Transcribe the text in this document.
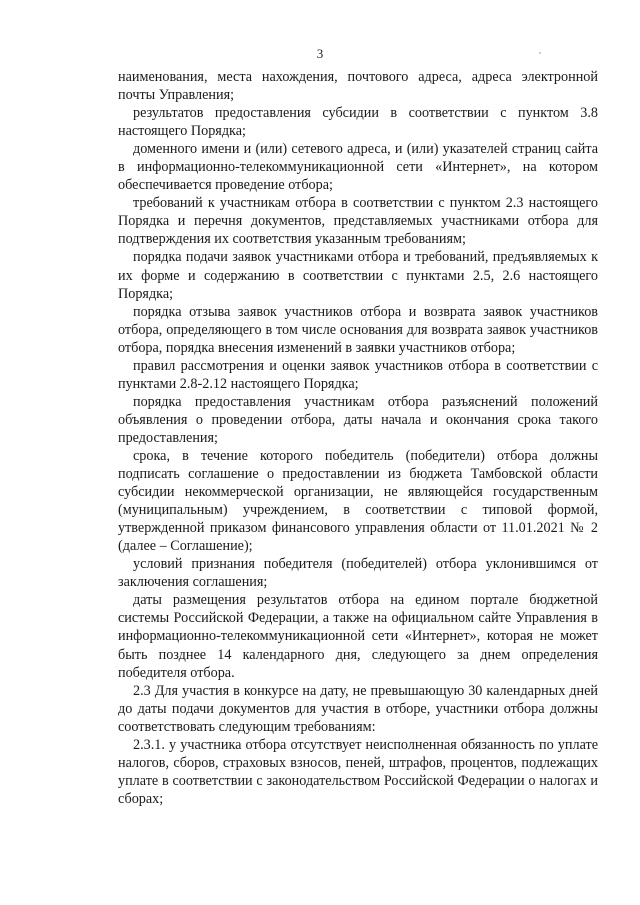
3

наименования, места нахождения, почтового адреса, адреса электронной почты Управления;

результатов предоставления субсидии в соответствии с пунктом 3.8 настоящего Порядка;

доменного имени и (или) сетевого адреса, и (или) указателей страниц сайта в информационно-телекоммуникационной сети «Интернет», на котором обеспечивается проведение отбора;

требований к участникам отбора в соответствии с пунктом 2.3 настоящего Порядка и перечня документов, представляемых участниками отбора для подтверждения их соответствия указанным требованиям;

порядка подачи заявок участниками отбора и требований, предъявляемых к их форме и содержанию в соответствии с пунктами 2.5, 2.6 настоящего Порядка;

порядка отзыва заявок участников отбора и возврата заявок участников отбора, определяющего в том числе основания для возврата заявок участников отбора, порядка внесения изменений в заявки участников отбора;

правил рассмотрения и оценки заявок участников отбора в соответствии с пунктами 2.8-2.12 настоящего Порядка;

порядка предоставления участникам отбора разъяснений положений объявления о проведении отбора, даты начала и окончания срока такого предоставления;

срока, в течение которого победитель (победители) отбора должны подписать соглашение о предоставлении из бюджета Тамбовской области субсидии некоммерческой организации, не являющейся государственным (муниципальным) учреждением, в соответствии с типовой формой, утвержденной приказом финансового управления области от 11.01.2021 № 2 (далее – Соглашение);

условий признания победителя (победителей) отбора уклонившимся от заключения соглашения;

даты размещения результатов отбора на едином портале бюджетной системы Российской Федерации, а также на официальном сайте Управления в информационно-телекоммуникационной сети «Интернет», которая не может быть позднее 14 календарного дня, следующего за днем определения победителя отбора.

2.3 Для участия в конкурсе на дату, не превышающую 30 календарных дней до даты подачи документов для участия в отборе, участники отбора должны соответствовать следующим требованиям:

2.3.1. у участника отбора отсутствует неисполненная обязанность по уплате налогов, сборов, страховых взносов, пеней, штрафов, процентов, подлежащих уплате в соответствии с законодательством Российской Федерации о налогах и сборах;
